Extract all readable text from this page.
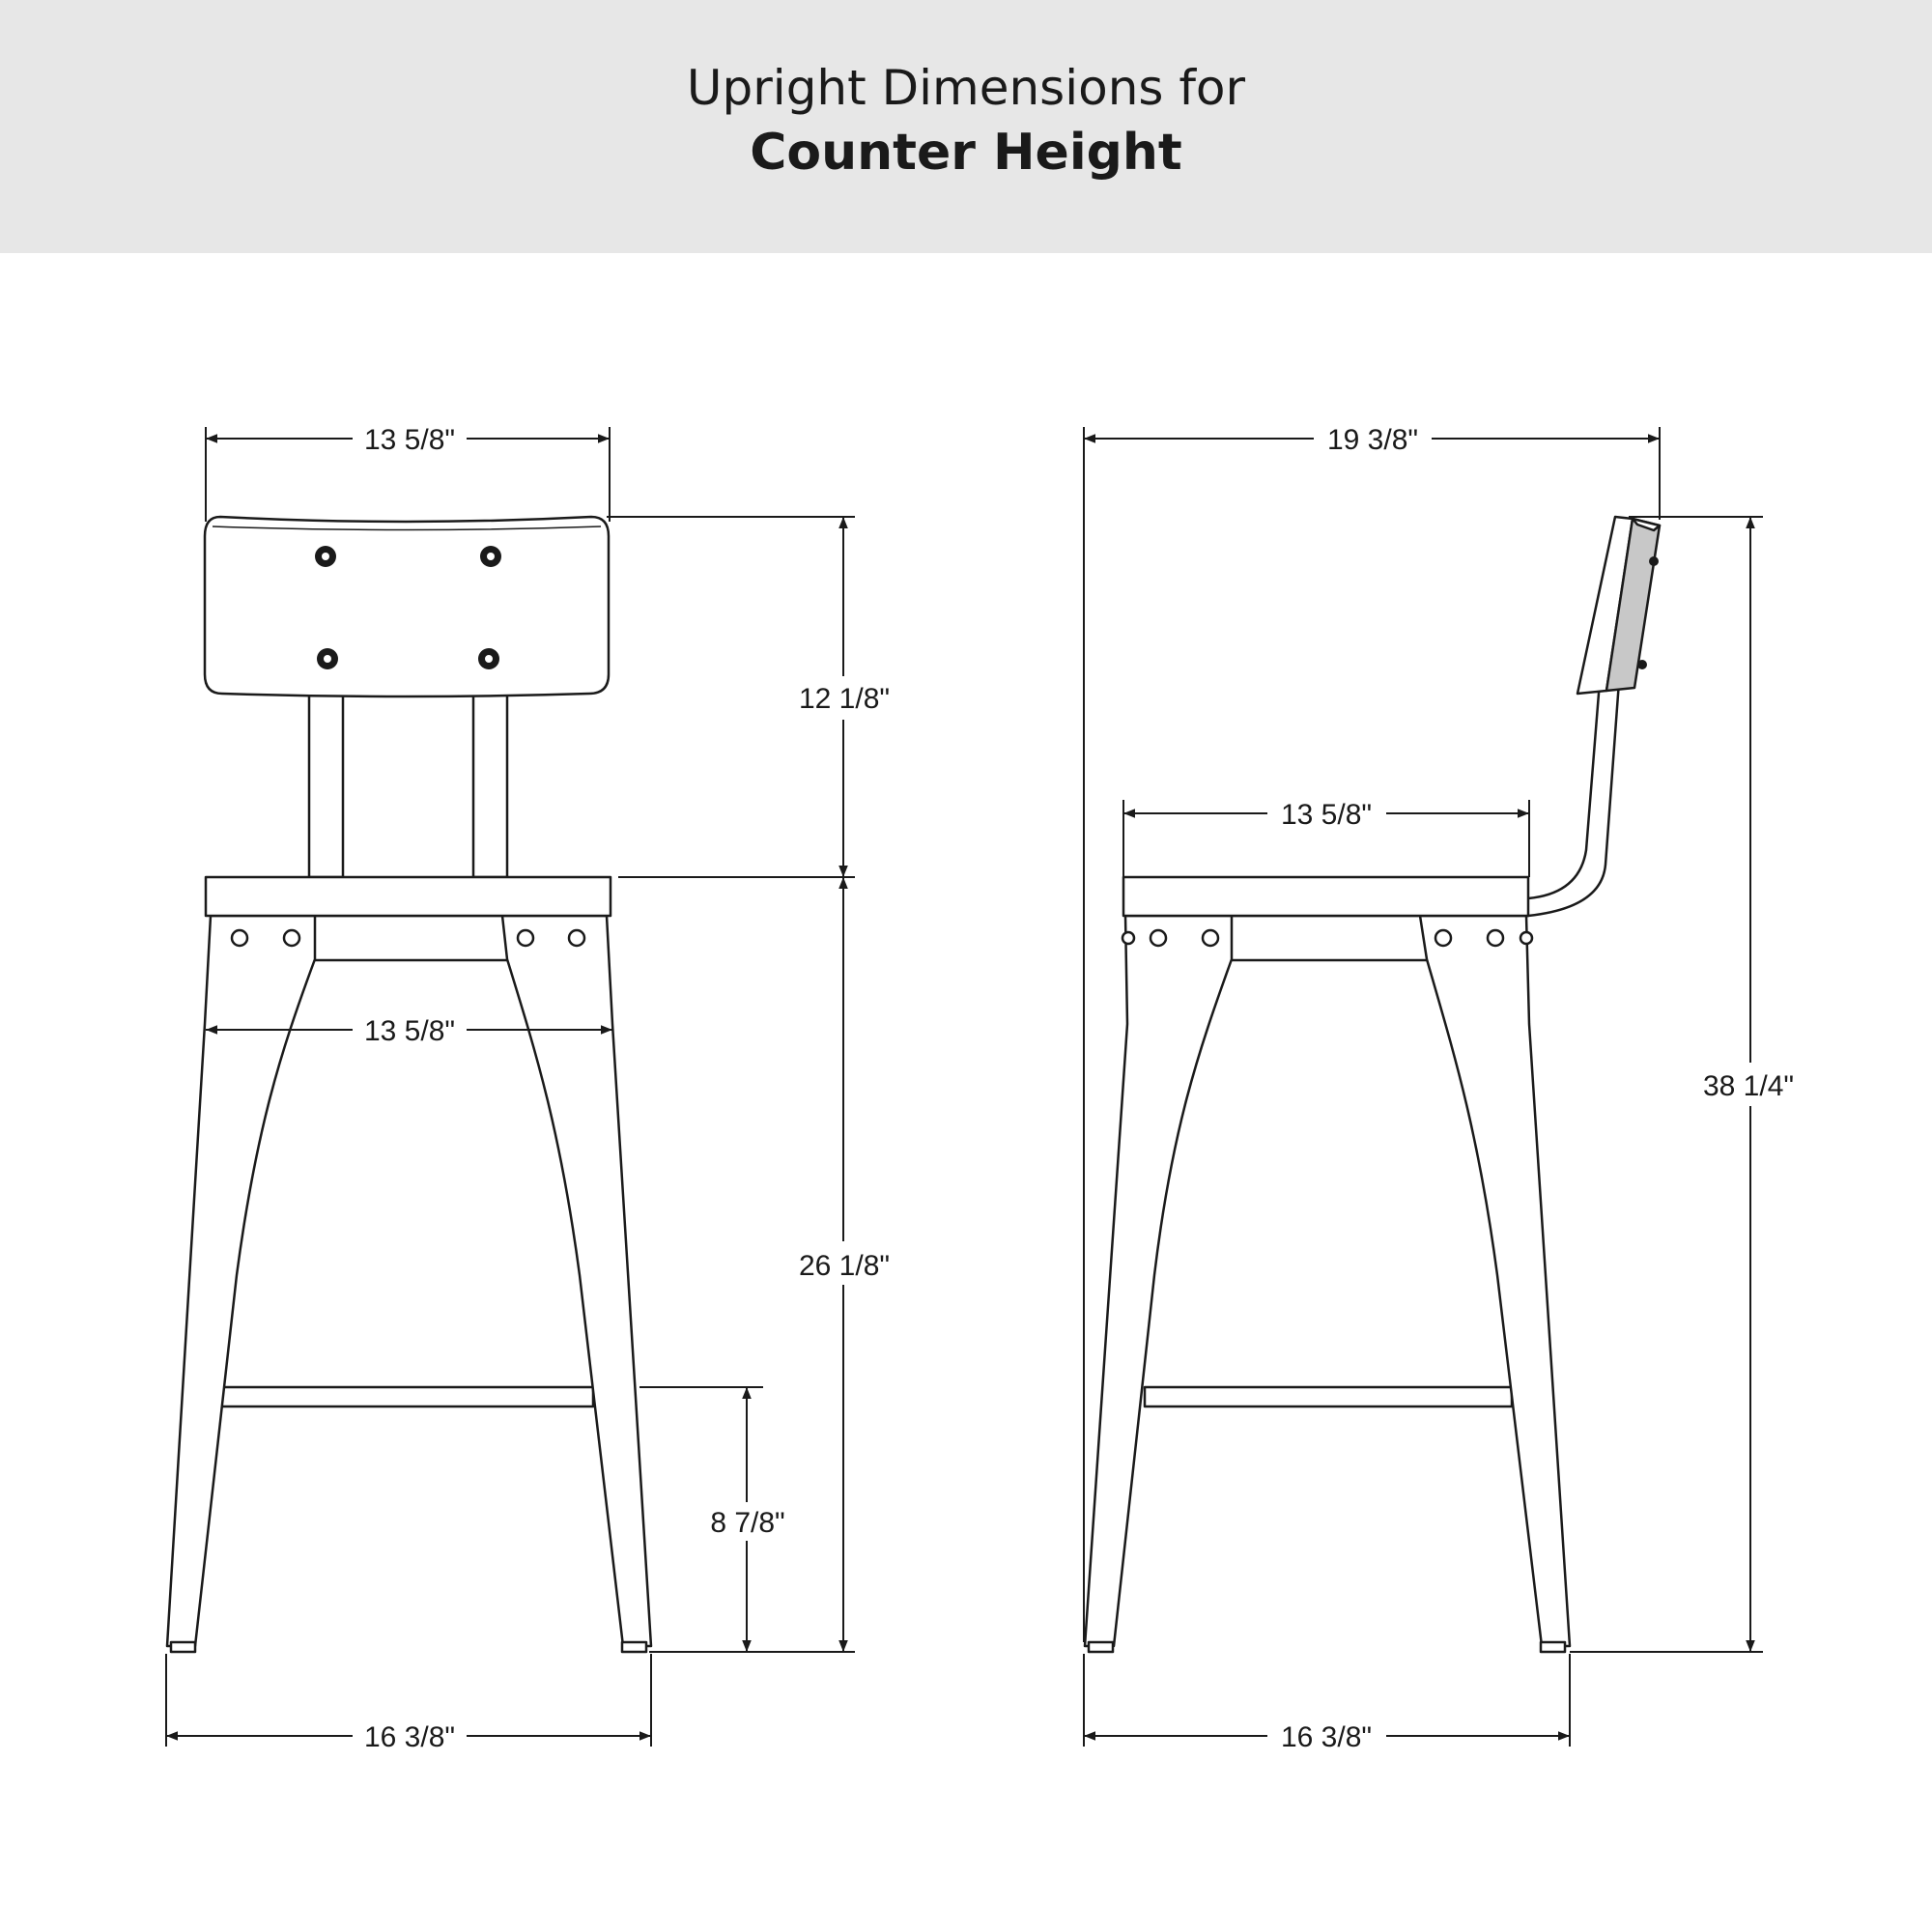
Upright Dimensions for
Counter Height
13 5/8"
12 1/8"
13 5/8"
26 1/8"
8 7/8"
16 3/8"
19 3/8"
13 5/8"
38 1/4"
16 3/8"
